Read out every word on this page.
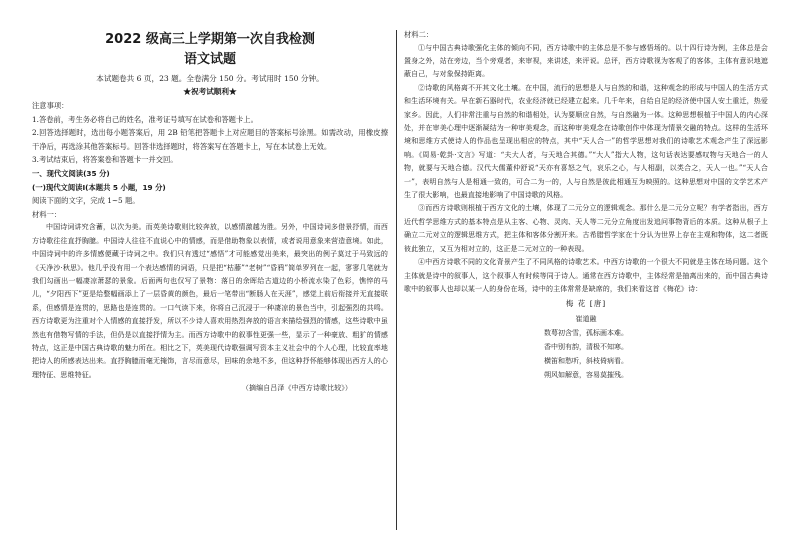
2022 级高三上学期第一次自我检测
语文试题
本试题卷共 6 页，23 题。全卷满分 150 分。考试用时 150 分钟。
★祝考试顺利★

注意事项：

1.答卷前，考生务必将自己的姓名，准考证号填写在试卷和答题卡上。

2.回答选择题时，选出每小题答案后，用 2B 铅笔把答题卡上对应题目的答案标号涂黑。如需改动，用橡皮擦干净后，再选涂其他答案标号。回答非选择题时，将答案写在答题卡上，写在本试卷上无效。

3.考试结束后，将答案卷和答题卡一并交回。

一、现代文阅读(35 分)

(一)现代文阅读Ⅰ(本题共 5 小题，19 分)

阅读下面的文字，完成 1~5 题。

材料一：

中国诗词讲究含蓄，以次为美。而英美诗歌则比较奔放，以感情激越为胜。另外，中国诗词多借景抒情，而西方诗歌往往直抒胸臆。中国诗人往往不直说心中的情感，而是借助物象以表情，或者说用意象来营造意境。如此，中国诗词中的许多情感便藏于诗词之中。我们只有透过“感悟”才可能感觉出美来，最突出的例子莫过于马致远的《天净沙·秋思》。他几乎没有用一个表达感情的词语，只是把“枯藤”“老树”“昏鸦”简单罗列在一起，寥寥几笔就为我们勾画出一幅凄凉萧瑟的景象。后面两句也仅写了景物：落日的余晖给古道边的小桥流水染了色彩，憔悴的马儿，“夕阳西下”更是给整幅画添上了一层昏黄的颜色，最后一笔带出“断肠人在天涯”，感觉上前后衔接并无直接联系，但感情是连贯的，思路也是连贯的。一口气读下来，你将自己沉浸于一种凄凉的景色当中，引起强烈的共鸣。西方诗歌更为注重对个人情感的直接抒发，所以不少诗人喜欢用热烈奔放的语言来描绘强烈的情感，这些诗歌中虽然也有借物写情的手法，但仍是以直接抒情为主。而西方诗歌中的叙事性更强一些，显示了一种豪放、粗犷的情感特点，这正是中国古典诗歌的魅力所在。相比之下，英美现代诗歌强调写资本主义社会中的个人心理，比较直率地把诗人的所感表达出来。直抒胸臆而毫无掩饰，言尽而意尽，回味的余地不多，但这种抒怀能够体现出西方人的心理特征、思维特征。

（摘编自吕泽《中西方诗歌比较》）

材料二：

①与中国古典诗歌强化主体的倾向不同，西方诗歌中的主体总是不参与感悟场的。以十四行诗为例，主体总是会置身之外，站在旁边，当个旁观者，来审视，来讲述，来评说。总评，西方诗歌视为客观了的客体，主体有意识地遮蔽自己，与对象保持距离。

②诗歌的风格离不开其文化土壤。在中国，流行的思想是人与自然的和谐，这种观念的形成与中国人的生活方式和生活环境有关。早在新石器时代，农业经济就已经建立起来。几千年来，自给自足的经济使中国人安土重迁，热爱家乡。因此，人们非常注重与自然的和谐相处，认为要顺应自然，与自然融为一体。这种思想根植于中国人的内心深处，并在审美心理中逐渐凝结为一种审美观念，而这种审美观念在诗歌创作中体现为情景交融的特点。这样的生活环境和思维方式使诗人的作品也呈现出相应的特点，其中“天人合一”的哲学思想对我们的诗歌艺术观念产生了深远影响。《周易·乾卦·文言》写道：“夫大人者，与天地合其德。”“大人”指大人物，这句话表达要感叹物与天地合一的人物，就要与天地合德。汉代大儒董仲舒说“天亦有喜怒之气，哀乐之心，与人相副，以类合之，天人一也。”“天人合一”，表明自然与人是相通一致的，可合二为一的，人与自然是彼此相通互为映照的。这种思想对中国的文学艺术产生了很大影响，也最直接地影响了中国诗歌的风格。

③而西方诗歌则根植于西方文化的土壤，体现了二元分立的逻辑观念。那什么是二元分立呢？有学者指出，西方近代哲学思维方式的基本特点是从主客、心物、灵肉、天人等二元分立角度出发追问事物背后的本质。这种从根子上确立二元对立的逻辑思维方式，把主体和客体分割开来。古希腊哲学家在十分认为世界上存在主观和物体，这二者既彼此独立，又互为相对立的，这正是二元对立的一种表现。

④中西方诗歌不同的文化背景产生了不同风格的诗歌艺术。中西方诗歌的一个很大不同就是主体在场问题。这个主体就是诗中的叙事人，这个叙事人有时候等同于诗人。通常在西方诗歌中，主体经常是抽离出来的，而中国古典诗歌中的叙事人也却以某一人的身份在场，诗中的主体常常是缺席的，我们来看这首《梅花》诗：

梅 花 [唐]
崔道融
数萼初含雪，孤标画本难。
香中别有韵，清极不知寒。
横笛和愁听，斜枝倚病看。
朔风如解意，容易莫摧残。
